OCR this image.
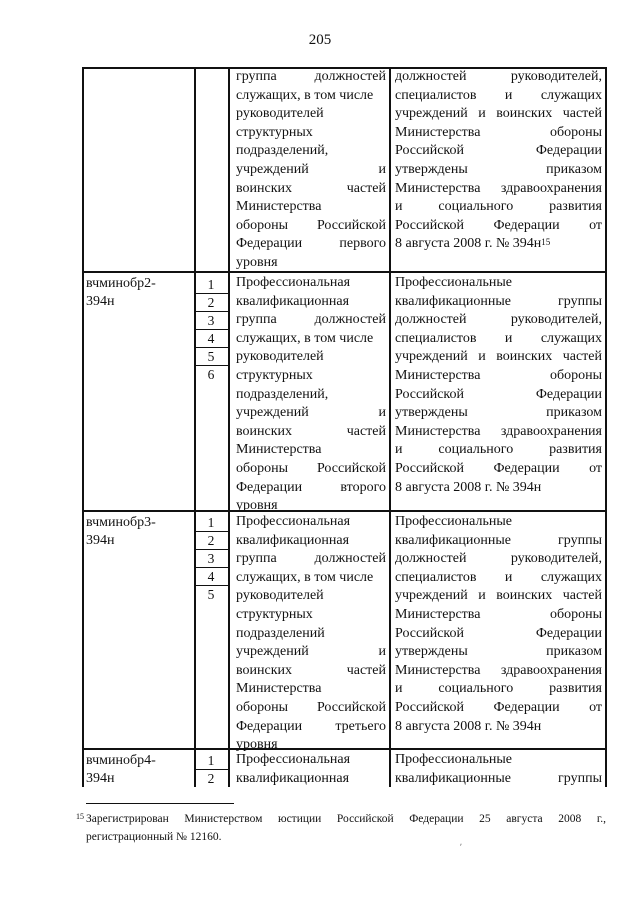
205
группа должностей
служащих, в том числе
руководителей
структурных
подразделений,
учреждений и
воинских частей
Министерства
обороны Российской
Федерации первого
уровня
должностей руководителей,
специалистов и служащих
учреждений и воинских частей
Министерства обороны
Российской Федерации
утверждены приказом
Министерства здравоохранения
и социального развития
Российской Федерации от
8 августа 2008 г. № $394н^{15}$
вчминобр2-
394н
1
2
3
4
5
6
Профессиональная
квалификационная
группа должностей
служащих, в том числе
руководителей
структурных
подразделений,
учреждений и
воинских частей
Министерства
обороны Российской
Федерации второго
уровня
Профессиональные
квалификационные группы
должностей руководителей,
специалистов и служащих
учреждений и воинских частей
Министерства обороны
Российской Федерации
утверждены приказом
Министерства здравоохранения
и социального развития
Российской Федерации от
8 августа 2008 г. № 394н
вчминобр3-
394н
1
2
3
4
5
Профессиональная
квалификационная
группа должностей
служащих, в том числе
руководителей
структурных
подразделений
учреждений и
воинских частей
Министерства
обороны Российской
Федерации третьего
уровня
Профессиональные
квалификационные группы
должностей руководителей,
специалистов и служащих
учреждений и воинских частей
Министерства обороны
Российской Федерации
утверждены приказом
Министерства здравоохранения
и социального развития
Российской Федерации от
8 августа 2008 г. № 394н
вчминобр4-
394н
1
2
Профессиональная
квалификационная
Профессиональные
квалификационные группы
15 Зарегистрирован Министерством юстиции Российской Федерации 25 августа 2008 г.,
регистрационный № 12160.
ʹ
